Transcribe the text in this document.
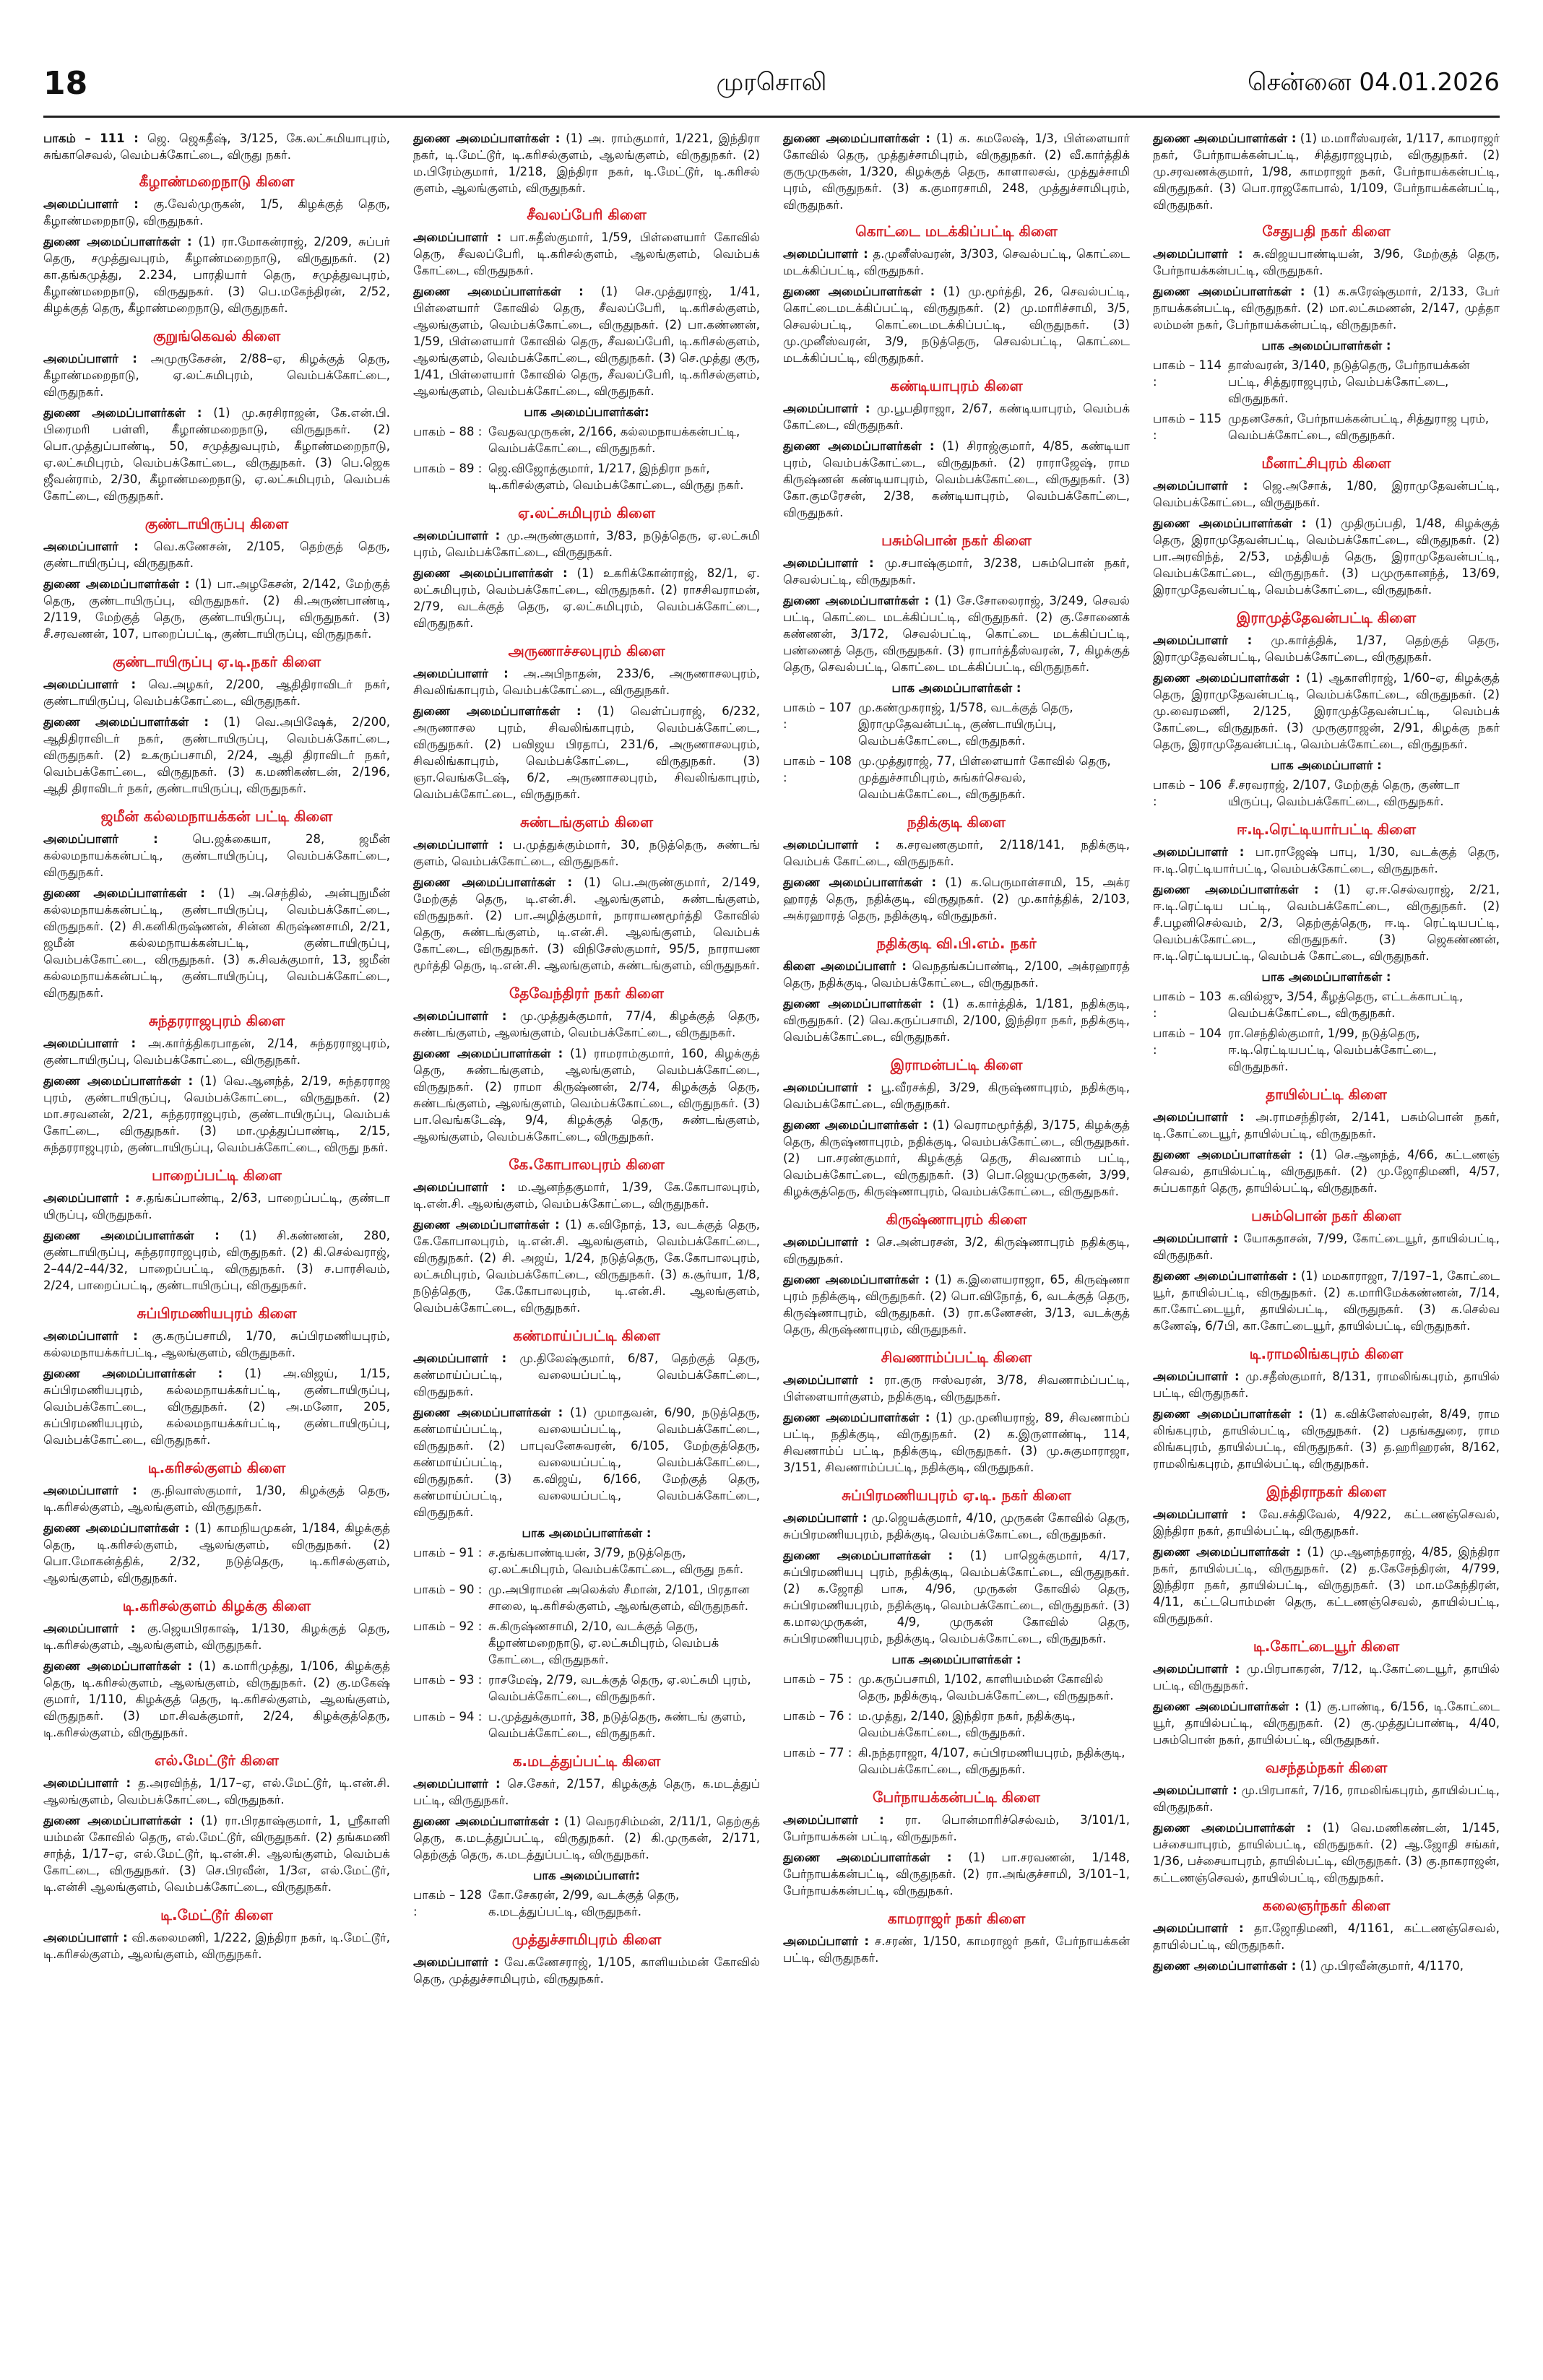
18	முரசொலி	சென்னை 04.01.2026

பாகம் – 111 : ஜெ. ஜெகதீஷ், 3/125, கே.லட்சுமியாபுரம், சுங்காசெவல், வெம்பக்கோட்டை, விருது நகர்.

கீழாண்மறைநாடு கிளை

அமைப்பாளர் : கு.வேல்முருகன், 1/5, கிழக்குத் தெரு, கீழாண்மறைநாடு, விருதுநகர்.

துணை அமைப்பாளர்கள் : (1) ரா.மோகன்ராஜ், 2/209, சுப்பர் தெரு, சமுத்துவபுரம், கீழாண்மறைநாடு, விருதுநகர். (2) கா.தங்கமுத்து, 2.234, பாரதியார் தெரு, சமுத்துவபுரம், கீழாண்மறைநாடு, விருதுநகர். (3) பெ.மகேந்திரன், 2/52, கிழக்குத் தெரு, கீழாண்மறைநாடு, விருதுநகர்.

குறுங்கெவல் கிளை

அமைப்பாளர் : அமுருகேசன், 2/88–ஏ, கிழக்குத் தெரு, கீழாண்மறைநாடு, ஏ.லட்சுமிபுரம், வெம்பக்கோட்டை, விருதுநகர்.

துணை அமைப்பாளர்கள் : (1) மு.சுரசிராஜன், கே.என்.பி. பிரைமரி பள்ளி, கீழாண்மறைநாடு, விருதுநகர். (2) பொ.முத்துப்பாண்டி, 50, சமுத்துவபுரம், கீழாண்மறைநாடு, ஏ.லட்சுமிபுரம், வெம்பக்கோட்டை, விருதுநகர். (3) பெ.ஜெக ஜீவன்ராம், 2/30, கீழாண்மறைநாடு, ஏ.லட்சுமிபுரம், வெம்பக் கோட்டை, விருதுநகர்.

குண்டாயிருப்பு கிளை

அமைப்பாளர் : வெ.கணேசன், 2/105, தெற்குத் தெரு, குண்டாயிருப்பு, விருதுநகர்.

துணை அமைப்பாளர்கள் : (1) பா.அழகேசன், 2/142, மேற்குத் தெரு, குண்டாயிருப்பு, விருதுநகர். (2) கி.அருண்பாண்டி, 2/119, மேற்குத் தெரு, குண்டாயிருப்பு, விருதுநகர். (3) சீ.சரவணன், 107, பாறைப்பட்டி, குண்டாயிருப்பு, விருதுநகர்.

குண்டாயிருப்பு ஏ.டி.நகர் கிளை

அமைப்பாளர் : வெ.அழகர், 2/200, ஆதிதிராவிடர் நகர், குண்டாயிருப்பு, வெம்பக்கோட்டை, விருதுநகர்.

துணை அமைப்பாளர்கள் : (1) வெ.அபிஷேக், 2/200, ஆதிதிராவிடர் நகர், குண்டாயிருப்பு, வெம்பக்கோட்டை, விருதுநகர். (2) உகருப்பசாமி, 2/24, ஆதி திராவிடர் நகர், வெம்பக்கோட்டை, விருதுநகர். (3) க.மணிகண்டன், 2/196, ஆதி திராவிடர் நகர், குண்டாயிருப்பு, விருதுநகர்.

ஜமீன் கல்லமநாயக்கன் பட்டி கிளை

அமைப்பாளர் :	பெ.ஜக்கையா, 28, ஜமீன் கல்லமநாயக்கன்பட்டி, குண்டாயிருப்பு, வெம்பக்கோட்டை, விருதுநகர்.

துணை அமைப்பாளர்கள் : (1) அ.செந்தில், அன்புநுமீன் கல்லமநாயக்கன்பட்டி, குண்டாயிருப்பு, வெம்பக்கோட்டை, விருதுநகர். (2) சி.கனிகிருஷ்ணன், சின்ன கிருஷ்ணசாமி, 2/21, ஜமீன் கல்லமநாயக்கன்பட்டி, குண்டாயிருப்பு, வெம்பக்கோட்டை, விருதுநகர். (3) க.சிவக்குமார், 13, ஜமீன் கல்லமநாயக்கன்பட்டி, குண்டாயிருப்பு, வெம்பக்கோட்டை, விருதுநகர்.

சுந்தரராஜபுரம் கிளை

அமைப்பாளர் : அ.கார்த்திகரபாதன், 2/14, சுந்தரராஜபுரம், குண்டாயிருப்பு, வெம்பக்கோட்டை, விருதுநகர்.

துணை அமைப்பாளர்கள் : (1) வெ.ஆனந்த், 2/19, சுந்தரராஜ புரம், குண்டாயிருப்பு, வெம்பக்கோட்டை, விருதுநகர். (2) மா.சரவனன், 2/21, சுந்தரராஜபுரம், குண்டாயிருப்பு, வெம்பக் கோட்டை, விருதுநகர். (3) மா.முத்துப்பாண்டி, 2/15, சுந்தரராஜபுரம், குண்டாயிருப்பு, வெம்பக்கோட்டை, விருது நகர்.

பாறைப்பட்டி கிளை

அமைப்பாளர் : ச.தங்கப்பாண்டி, 2/63, பாறைப்பட்டி, குண்டா யிருப்பு, விருதுநகர்.

துணை அமைப்பாளர்கள் : (1) சி.கண்ணன், 280, குண்டாயிருப்பு, சுந்தராராஜபுரம், விருதுநகர். (2) கி.செல்வராஜ், 2–44/2–44/32, பாறைப்பட்டி, விருதுநகர். (3) ச.பாரசிவம், 2/24, பாறைப்பட்டி, குண்டாயிருப்பு, விருதுநகர்.

சுப்பிரமணியபுரம் கிளை

அமைப்பாளர் : கு.கருப்பசாமி, 1/70, சுப்பிரமணியபுரம், கல்லமநாயக்கர்பட்டி, ஆலங்குளம், விருதுநகர்.

துணை அமைப்பாளர்கள் : (1) அ.விஜய், 1/15, சுப்பிரமணியபுரம், கல்லமநாயக்கர்பட்டி, குண்டாயிருப்பு, வெம்பக்கோட்டை, விருதுநகர். (2) அ.மனோ, 205, சுப்பிரமணியபுரம், கல்லமநாயக்கர்பட்டி, குண்டாயிருப்பு, வெம்பக்கோட்டை, விருதுநகர்.

டி.கரிசல்குளம் கிளை

அமைப்பாளர் : கு.நிவாஸ்குமார், 1/30, கிழக்குத் தெரு, டி.கரிசல்குளம், ஆலங்குளம், விருதுநகர்.

துணை அமைப்பாளர்கள் : (1) காமநியமுகன், 1/184, கிழக்குத் தெரு, டி.கரிசல்குளம், ஆலங்குளம், விருதுநகர். (2) பொ.மோகன்த்திக், 2/32, நடுத்தெரு, டி.கரிசல்குளம், ஆலங்குளம், விருதுநகர்.

டி.கரிசல்குளம் கிழக்கு கிளை

அமைப்பாளர் : கு.ஜெயபிரகாஷ், 1/130, கிழக்குத் தெரு, டி.கரிசல்குளம், ஆலங்குளம், விருதுநகர்.

துணை அமைப்பாளர்கள் : (1) க.மாரிமுத்து, 1/106, கிழக்குத் தெரு, டி.கரிசல்குளம், ஆலங்குளம், விருதுநகர். (2) கு.மகேஷ் குமார், 1/110, கிழக்குத் தெரு, டி.கரிசல்குளம், ஆலங்குளம், விருதுநகர். (3) மா.சிவக்குமார், 2/24, கிழக்குத்தெரு, டி.கரிசல்குளம், விருதுநகர்.

எல்.மேட்டூர் கிளை

அமைப்பாளர் : த.அரவிந்த், 1/17–ஏ, எல்.மேட்டூர், டி.என்.சி. ஆலங்குளம், வெம்பக்கோட்டை, விருதுநகர்.

துணை அமைப்பாளர்கள் : (1) ரா.பிரதாஷ்குமார், 1, ஸ்ரீகாளி யம்மன் கோவில் தெரு, எல்.மேட்டூர், விருதுநகர். (2) தங்கமணி சாந்த், 1/17–ஏ, எல்.மேட்டூர், டி.என்.சி. ஆலங்குளம், வெம்பக் கோட்டை, விருதுநகர். (3) செ.பிரவீன், 1/3எ, எல்.மேட்டூர், டி.என்சி ஆலங்குளம், வெம்பக்கோட்டை, விருதுநகர்.

டி.மேட்டூர் கிளை

அமைப்பாளர் : வி.கலைமணி, 1/222, இந்திரா நகர், டி.மேட்டூர், டி.கரிசல்குளம், ஆலங்குளம், விருதுநகர்.

துணை அமைப்பாளர்கள் : (1) அ. ராம்குமார், 1/221, இந்திரா நகர், டி.மேட்டூர், டி.கரிசல்குளம், ஆலங்குளம், விருதுநகர். (2) ம.பிரேம்குமார், 1/218, இந்திரா நகர், டி.மேட்டூர், டி.கரிசல் குளம், ஆலங்குளம், விருதுநகர்.

சீவலப்பேரி கிளை

அமைப்பாளர் : பா.சுதீஸ்குமார், 1/59, பிள்ளையார் கோவில் தெரு, சீவலப்பேரி, டி.கரிசல்குளம், ஆலங்குளம், வெம்பக் கோட்டை, விருதுநகர்.

துணை அமைப்பாளர்கள் : (1) செ.முத்துராஜ், 1/41, பிள்ளையார் கோவில் தெரு, சீவலப்பேரி, டி.கரிசல்குளம், ஆலங்குளம், வெம்பக்கோட்டை, விருதுநகர். (2) பா.கண்ணன், 1/59, பிள்ளையார் கோவில் தெரு, சீவலப்பேரி, டி.கரிசல்குளம், ஆலங்குளம், வெம்பக்கோட்டை, விருதுநகர். (3) செ.முத்து குரு, 1/41, பிள்ளையார் கோவில் தெரு, சீவலப்பேரி, டி.கரிசல்குளம், ஆலங்குளம், வெம்பக்கோட்டை, விருதுநகர்.

பாக அமைப்பாளர்கள்:
பாகம் – 88 : வேதவமுருகன், 2/166, கல்லமநாயக்கன்பட்டி, வெம்பக்கோட்டை, விருதுநகர்.
பாகம் – 89 : ஜெ.விஜோத்குமார், 1/217, இந்திரா நகர், டி.கரிசல்குளம், வெம்பக்கோட்டை, விருது நகர்.
ஏ.லட்சுமிபுரம் கிளை

அமைப்பாளர் : மு.அருண்குமார், 3/83, நடுத்தெரு, ஏ.லட்சுமி புரம், வெம்பக்கோட்டை, விருதுநகர்.

துணை அமைப்பாளர்கள் : (1) உகரிக்கோன்ராஜ், 82/1, ஏ. லட்சுமிபுரம், வெம்பக்கோட்டை, விருதுநகர். (2) ராசசிவராமன், 2/79, வடக்குத் தெரு, ஏ.லட்சுமிபுரம், வெம்பக்கோட்டை, விருதுநகர்.

அருணாச்சலபுரம் கிளை

அமைப்பாளர் : அ.அபிநாதன், 233/6, அருணாசலபுரம், சிவலிங்காபுரம், வெம்பக்கோட்டை, விருதுநகர்.

துணை அமைப்பாளர்கள் : (1) வெள்ப்பராஜ், 6/232, அருணாசல புரம், சிவலிங்காபுரம், வெம்பக்கோட்டை, விருதுநகர். (2) பவிஜய பிரதாப், 231/6, அருணாசலபுரம், சிவலிங்காபுரம், வெம்பக்கோட்டை, விருதுநகர். (3) ஞா.வெங்கடேஷ், 6/2, அருணாசலபுரம், சிவலிங்காபுரம், வெம்பக்கோட்டை, விருதுநகர்.

சுண்டங்குளம் கிளை

அமைப்பாளர் : ப.முத்துக்கும்மார், 30, நடுத்தெரு, சுண்டங் குளம், வெம்பக்கோட்டை, விருதுநகர்.

துணை அமைப்பாளர்கள் : (1) பெ.அருண்குமார், 2/149, மேற்குத் தெரு, டி.என்.சி. ஆலங்குளம், சுண்டங்குளம், விருதுநகர். (2) பா.அழித்குமார், நாராயணமூர்த்தி கோவில் தெரு, சுண்டங்குளம், டி.என்.சி. ஆலங்குளம், வெம்பக் கோட்டை, விருதுநகர். (3) விநிசேஸ்குமார், 95/5, நாராயண மூர்த்தி தெரு, டி.என்.சி. ஆலங்குளம், சுண்டங்குளம், விருதுநகர்.

தேவேந்திரர் நகர் கிளை

அமைப்பாளர் : மு.முத்துக்குமார், 77/4, கிழக்குத் தெரு, சுண்டங்குளம், ஆலங்குளம், வெம்பக்கோட்டை, விருதுநகர்.

துணை அமைப்பாளர்கள் : (1) ராமராம்குமார், 160, கிழக்குத் தெரு, சுண்டங்குளம், ஆலங்குளம், வெம்பக்கோட்டை, விருதுநகர். (2) ராமா கிருஷ்ணன், 2/74, கிழக்குத் தெரு, சுண்டங்குளம், ஆலங்குளம், வெம்பக்கோட்டை, விருதுநகர். (3) பா.வெங்கடேஷ், 9/4, கிழக்குத் தெரு, சுண்டங்குளம், ஆலங்குளம், வெம்பக்கோட்டை, விருதுநகர்.

கே.கோபாலபுரம் கிளை

அமைப்பாளர் : ம.ஆனந்தகுமார், 1/39, கே.கோபாலபுரம், டி.என்.சி. ஆலங்குளம், வெம்பக்கோட்டை, விருதுநகர்.

துணை அமைப்பாளர்கள் : (1) க.விநோத், 13, வடக்குத் தெரு, கே.கோபாலபுரம், டி.என்.சி. ஆலங்குளம், வெம்பக்கோட்டை, விருதுநகர். (2) சி. அஜய், 1/24, நடுத்தெரு, கே.கோபாலபுரம், லட்சுமிபுரம், வெம்பக்கோட்டை, விருதுநகர். (3) க.சூர்யா, 1/8, நடுத்தெரு, கே.கோபாலபுரம், டி.என்.சி. ஆலங்குளம், வெம்பக்கோட்டை, விருதுநகர்.

கண்மாய்ப்பட்டி கிளை

அமைப்பாளர் : மு.திலேஷ்குமார், 6/87, தெற்குத் தெரு, கண்மாய்ப்பட்டி, வலையப்பட்டி, வெம்பக்கோட்டை, விருதுநகர்.

துணை அமைப்பாளர்கள் : (1) முமாதவன், 6/90, நடுத்தெரு, கண்மாய்ப்பட்டி, வலையப்பட்டி, வெம்பக்கோட்டை, விருதுநகர். (2) பாபுவனேசுவரன், 6/105, மேற்குத்தெரு, கண்மாய்ப்பட்டி, வலையப்பட்டி, வெம்பக்கோட்டை, விருதுநகர். (3) க.விஜய், 6/166, மேற்குத் தெரு, கண்மாய்ப்பட்டி, வலையப்பட்டி, வெம்பக்கோட்டை, விருதுநகர்.

பாக அமைப்பாளர்கள் :
பாகம் – 91 : ச.தங்கபாண்டியன், 3/79, நடுத்தெரு, ஏ.லட்சுமிபுரம், வெம்பக்கோட்டை, விருது நகர்.
பாகம் – 90 : மு.அபிராமன் அலெக்ஸ் சீமான், 2/101, பிரதான சாலை, டி.கரிசல்குளம், ஆலங்குளம், விருதுநகர்.
பாகம் – 92 : சு.கிருஷ்ணசாமி, 2/10, வடக்குத் தெரு, கீழாண்மறைநாடு, ஏ.லட்சுமிபுரம், வெம்பக் கோட்டை, விருதுநகர்.
பாகம் – 93 : ராசமேஷ், 2/79, வடக்குத் தெரு, ஏ.லட்சுமி புரம், வெம்பக்கோட்டை, விருதுநகர்.
பாகம் – 94 : ப.முத்துக்குமார், 38, நடுத்தெரு, சுண்டங் குளம், வெம்பக்கோட்டை, விருதுநகர்.
க.மடத்துப்பட்டி கிளை

அமைப்பாளர் : செ.சேகர், 2/157, கிழக்குத் தெரு, க.மடத்துப் பட்டி, விருதுநகர்.

துணை அமைப்பாளர்கள் : (1) வெநரசிம்மன், 2/11/1, தெற்குத் தெரு, க.மடத்துப்பட்டி, விருதுநகர். (2) கி.முருகன், 2/171, தெற்குத் தெரு, க.மடத்துப்பட்டி, விருதுநகர்.

பாக அமைப்பாளர்:
பாகம் – 128 :
கோ.சேகரன், 2/99, வடக்குத் தெரு, க.மடத்துப்பட்டி, விருதுநகர்.
முத்துச்சாமிபுரம் கிளை

அமைப்பாளர் : வே.கணேசராஜ், 1/105, காளியம்மன் கோவில் தெரு, முத்துச்சாமிபுரம், விருதுநகர்.

துணை அமைப்பாளர்கள் : (1) க. கமலேஷ், 1/3, பிள்ளையார் கோவில் தெரு, முத்துச்சாமிபுரம், விருதுநகர். (2) வீ.கார்த்திக் குருமுருகன், 1/320, கிழக்குத் தெரு, காளாலசவ், முத்துச்சாமி புரம், விருதுநகர். (3) க.குமாரசாமி, 248, முத்துச்சாமிபுரம், விருதுநகர்.

கொட்டை மடக்கிப்பட்டி கிளை

அமைப்பாளர் : த.முனீஸ்வரன், 3/303, செவல்பட்டி, கொட்டை மடக்கிப்பட்டி, விருதுநகர்.

துணை அமைப்பாளர்கள் : (1) மு.மூர்த்தி, 26, செவல்பட்டி, கொட்டைமடக்கிப்பட்டி, விருதுநகர். (2) மு.மாரிச்சாமி, 3/5, செவல்பட்டி, கொட்டைமடக்கிப்பட்டி, விருதுநகர். (3) மு.முனீஸ்வரன், 3/9, நடுத்தெரு, செவல்பட்டி, கொட்டை மடக்கிப்பட்டி, விருதுநகர்.

கண்டியாபுரம் கிளை

அமைப்பாளர் : மு.பூபதிராஜா, 2/67, கண்டியாபுரம், வெம்பக் கோட்டை, விருதுநகர்.

துணை அமைப்பாளர்கள் : (1) சிராஜ்குமார், 4/85, கண்டியா புரம், வெம்பக்கோட்டை, விருதுநகர். (2) ராராஜேஷ், ராம கிருஷ்ணன் கண்டியாபுரம், வெம்பக்கோட்டை, விருதுநகர். (3) கோ.குமரேசன், 2/38, கண்டியாபுரம், வெம்பக்கோட்டை, விருதுநகர்.

பசும்பொன் நகர் கிளை

அமைப்பாளர் : மு.சபாஷ்குமார், 3/238, பசும்பொன் நகர், செவல்பட்டி, விருதுநகர்.

துணை அமைப்பாளர்கள் : (1) சே.சோலைராஜ், 3/249, செவல் பட்டி, கொட்டை மடக்கிப்பட்டி, விருதுநகர். (2) கு.சோணைக் கண்ணன், 3/172, செவல்பட்டி, கொட்டை மடக்கிப்பட்டி, பண்ணைத் தெரு, விருதுநகர். (3) ராபார்த்தீஸ்வரன், 7, கிழக்குத் தெரு, செவல்பட்டி, கொட்டை மடக்கிப்பட்டி, விருதுநகர்.

பாக அமைப்பாளர்கள் :
பாகம் – 107 :
மு.கண்முகராஜ், 1/578, வடக்குத் தெரு, இராமுதேவன்பட்டி, குண்டாயிருப்பு, வெம்பக்கோட்டை, விருதுநகர்.
பாகம் – 108 :
மு.முத்துராஜ், 77, பிள்ளையார் கோவில் தெரு, முத்துச்சாமிபுரம், சுங்கர்செவல், வெம்பக்கோட்டை, விருதுநகர்.
நதிக்குடி கிளை

அமைப்பாளர் : க.சரவணகுமார், 2/118/141, நதிக்குடி, வெம்பக் கோட்டை, விருதுநகர்.

துணை அமைப்பாளர்கள் : (1) க.பெருமாள்சாமி, 15, அக்ர ஹாரத் தெரு, நதிக்குடி, விருதுநகர். (2) மு.கார்த்திக், 2/103, அக்ரஹாரத் தெரு, நதிக்குடி, விருதுநகர்.

நதிக்குடி வி.பி.எம். நகர்

கிளை அமைப்பாளர் : வெநதங்கப்பாண்டி, 2/100, அக்ரஹாரத் தெரு, நதிக்குடி, வெம்பக்கோட்டை, விருதுநகர்.

துணை அமைப்பாளர்கள் : (1) க.கார்த்திக், 1/181, நதிக்குடி, விருதுநகர். (2) வெ.கருப்பசாமி, 2/100, இந்திரா நகர், நதிக்குடி, வெம்பக்கோட்டை, விருதுநகர்.

இராமன்பட்டி கிளை

அமைப்பாளர் : பூ.வீரசக்தி, 3/29, கிருஷ்ணாபுரம், நதிக்குடி, வெம்பக்கோட்டை, விருதுநகர்.

துணை அமைப்பாளர்கள் : (1) வெராமமூர்த்தி, 3/175, கிழக்குத் தெரு, கிருஷ்ணாபுரம், நதிக்குடி, வெம்பக்கோட்டை, விருதுநகர். (2) பா.சரண்குமார், கிழக்குத் தெரு, சிவணாம் பட்டி, வெம்பக்கோட்டை, விருதுநகர். (3) பொ.ஜெயமுருகன், 3/99, கிழக்குத்தெரு, கிருஷ்ணாபுரம், வெம்பக்கோட்டை, விருதுநகர்.

கிருஷ்ணாபுரம் கிளை

அமைப்பாளர் : செ.அன்பரசன், 3/2, கிருஷ்ணாபுரம் நதிக்குடி, விருதுநகர்.

துணை அமைப்பாளர்கள் : (1) க.இளையராஜா, 65, கிருஷ்ணா புரம் நதிக்குடி, விருதுநகர். (2) பொ.விநோத், 6, வடக்குத் தெரு, கிருஷ்ணாபுரம், விருதுநகர். (3) ரா.கணேசன், 3/13, வடக்குத் தெரு, கிருஷ்ணாபுரம், விருதுநகர்.

சிவணாம்ப்பட்டி கிளை

அமைப்பாளர் : ரா.குரு ஈஸ்வரன், 3/78, சிவணாம்ப்பட்டி, பிள்ளையார்குளம், நதிக்குடி, விருதுநகர்.

துணை அமைப்பாளர்கள் : (1) மு.முனியராஜ், 89, சிவணாம்ப் பட்டி, நதிக்குடி, விருதுநகர். (2) க.இருளாண்டி, 114, சிவணாம்ப் பட்டி, நதிக்குடி, விருதுநகர். (3) மு.சுகுமாராஜா, 3/151, சிவணாம்ப்பட்டி, நதிக்குடி, விருதுநகர்.

சுப்பிரமணியபுரம் ஏ.டி. நகர் கிளை

அமைப்பாளர் : மு.ஜெயக்குமார், 4/10, முருகன் கோவில் தெரு, சுப்பிரமணியபுரம், நதிக்குடி, வெம்பக்கோட்டை, விருதுநகர்.

துணை அமைப்பாளர்கள் : (1) பாஜெக்குமார், 4/17, சுப்பிரமணியபு புரம், நதிக்குடி, வெம்பக்கோட்டை, விருதுநகர். (2) க.ஜோதி பாசு, 4/96, முருகன் கோவில் தெரு, சுப்பிரமணியபுரம், நதிக்குடி, வெம்பக்கோட்டை, விருதுநகர். (3) க.மாலமுருகன், 4/9, முருகன் கோவில் தெரு, சுப்பிரமணியபுரம், நதிக்குடி, வெம்பக்கோட்டை, விருதுநகர்.

பாக அமைப்பாளர்கள் :
பாகம் – 75 : மு.கருப்பசாமி, 1/102, காளியம்மன் கோவில் தெரு, நதிக்குடி, வெம்பக்கோட்டை, விருதுநகர்.
பாகம் – 76 : ம.முத்து, 2/140, இந்திரா நகர், நதிக்குடி, வெம்பக்கோட்டை, விருதுநகர்.
பாகம் – 77 : கி.நந்தராஜா, 4/107, சுப்பிரமணியபுரம், நதிக்குடி, வெம்பக்கோட்டை, விருதுநகர்.
பேர்நாயக்கன்பட்டி கிளை

அமைப்பாளர் : ரா. பொன்மாரிச்செல்வம், 3/101/1, பேர்நாயக்கன் பட்டி, விருதுநகர்.

துணை அமைப்பாளர்கள் : (1) பா.சரவணன், 1/148, பேர்நாயக்கன்பட்டி, விருதுநகர். (2) ரா.அங்குச்சாமி, 3/101–1, பேர்நாயக்கன்பட்டி, விருதுநகர்.

காமராஜர் நகர் கிளை

அமைப்பாளர் : ச.சரண், 1/150, காமராஜர் நகர், பேர்நாயக்கன் பட்டி, விருதுநகர்.

துணை அமைப்பாளர்கள் : (1) ம.மாரீஸ்வரன், 1/117, காமராஜர் நகர், பேர்நாயக்கன்பட்டி, சித்துராஜபுரம், விருதுநகர். (2) மு.சரவணக்குமார், 1/98, காமராஜர் நகர், பேர்நாயக்கன்பட்டி, விருதுநகர். (3) பொ.ராஜகோபால், 1/109, பேர்நாயக்கன்பட்டி, விருதுநகர்.

சேதுபதி நகர் கிளை

அமைப்பாளர் : சு.விஜயபாண்டியன், 3/96, மேற்குத் தெரு, பேர்நாயக்கன்பட்டி, விருதுநகர்.

துணை அமைப்பாளர்கள் : (1) க.சுரேஷ்குமார், 2/133, பேர் நாயக்கன்பட்டி, விருதுநகர். (2) மா.லட்சுமணன், 2/147, முத்தா லம்மன் நகர், பேர்நாயக்கன்பட்டி, விருதுநகர்.

பாக அமைப்பாளர்கள் :
பாகம் – 114 :
தாஸ்வரன், 3/140, நடுத்தெரு, பேர்நாயக்கன் பட்டி, சித்துராஜபுரம், வெம்பக்கோட்டை, விருதுநகர்.
பாகம் – 115 :
முதனசேகர், பேர்நாயக்கன்பட்டி, சித்துராஜ புரம், வெம்பக்கோட்டை, விருதுநகர்.
மீனாட்சிபுரம் கிளை

அமைப்பாளர் : ஜெ.அசோக், 1/80, இராமுதேவன்பட்டி, வெம்பக்கோட்டை, விருதுநகர்.

துணை அமைப்பாளர்கள் : (1) முதிருப்பதி, 1/48, கிழக்குத் தெரு, இராமுதேவன்பட்டி, வெம்பக்கோட்டை, விருதுநகர். (2) பா.அரவிந்த், 2/53, மத்தியத் தெரு, இராமுதேவன்பட்டி, வெம்பக்கோட்டை, விருதுநகர். (3) பமுருகானந்த், 13/69, இராமுதேவன்பட்டி, வெம்பக்கோட்டை, விருதுநகர்.

இராமுத்தேவன்பட்டி கிளை

அமைப்பாளர் : மு.கார்த்திக், 1/37, தெற்குத் தெரு, இராமுதேவன்பட்டி, வெம்பக்கோட்டை, விருதுநகர்.

துணை அமைப்பாளர்கள் : (1) ஆகாளிராஜ், 1/60–ஏ, கிழக்குத் தெரு, இராமுதேவன்பட்டி, வெம்பக்கோட்டை, விருதுநகர். (2) மு.வைரமணி, 2/125, இராமுத்தேவன்பட்டி, வெம்பக் கோட்டை, விருதுநகர். (3) முருகுராஜன், 2/91, கிழக்கு நகர் தெரு, இராமுதேவன்பட்டி, வெம்பக்கோட்டை, விருதுநகர்.

பாக அமைப்பாளர் :
பாகம் – 106 :
சீ.சரவராஜ், 2/107, மேற்குத் தெரு, குண்டா யிருப்பு, வெம்பக்கோட்டை, விருதுநகர்.
ஈ.டி.ரெட்டியார்பட்டி கிளை

அமைப்பாளர் : பா.ராஜேஷ் பாபு, 1/30, வடக்குத் தெரு, ஈ.டி.ரெட்டியார்பட்டி, வெம்பக்கோட்டை, விருதுநகர்.

துணை அமைப்பாளர்கள் : (1) ஏ.ஈ.செல்வராஜ், 2/21, ஈ.டி.ரெட்டிய பட்டி, வெம்பக்கோட்டை, விருதுநகர். (2) சீ.பழனிசெல்வம், 2/3, தெற்குத்தெரு, ஈ.டி. ரெட்டியபட்டி, வெம்பக்கோட்டை, விருதுநகர். (3) ஜெகண்ணன், ஈ.டி.ரெட்டியபட்டி, வெம்பக் கோட்டை, விருதுநகர்.

பாக அமைப்பாளர்கள் :
பாகம் – 103 :
க.வில்ஜு, 3/54, கீழத்தெரு, எட்டக்காபட்டி, வெம்பக்கோட்டை, விருதுநகர்.
பாகம் – 104 :
ரா.செந்தில்குமார், 1/99, நடுத்தெரு, ஈ.டி.ரெட்டியபட்டி, வெம்பக்கோட்டை, விருதுநகர்.
தாயில்பட்டி கிளை

அமைப்பாளர் : அ.ராமசந்திரன், 2/141, பசும்பொன் நகர், டி.கோட்டையூர், தாயில்பட்டி, விருதுநகர்.

துணை அமைப்பாளர்கள் : (1) செ.ஆனந்த், 4/66, கட்டணஞ் செவல், தாயில்பட்டி, விருதுநகர். (2) மு.ஜோதிமணி, 4/57, சுப்பகாதர் தெரு, தாயில்பட்டி, விருதுநகர்.

பசும்பொன் நகர் கிளை

அமைப்பாளர் : யோகதாசன், 7/99, கோட்டையூர், தாயில்பட்டி, விருதுநகர்.

துணை அமைப்பாளர்கள் : (1) மமகாராஜா, 7/197–1, கோட்டை யூர், தாயில்பட்டி, விருதுநகர். (2) க.மாரிமேக்கண்ணன், 7/14, கா.கோட்டையூர், தாயில்பட்டி, விருதுநகர். (3) க.செல்வ கணேஷ், 6/7பி, கா.கோட்டையூர், தாயில்பட்டி, விருதுநகர்.

டி.ராமலிங்கபுரம் கிளை

அமைப்பாளர் : மு.சதீஸ்குமார், 8/131, ராமலிங்கபுரம், தாயில் பட்டி, விருதுநகர்.

துணை அமைப்பாளர்கள் : (1) க.விக்னேஸ்வரன், 8/49, ராம லிங்கபுரம், தாயில்பட்டி, விருதுநகர். (2) பதங்கதுரை, ராம லிங்கபுரம், தாயில்பட்டி, விருதுநகர். (3) த.ஹரிஹரன், 8/162, ராமலிங்கபுரம், தாயில்பட்டி, விருதுநகர்.

இந்திராநகர் கிளை

அமைப்பாளர் : வே.சக்திவேல், 4/922, கட்டணஞ்செவல், இந்திரா நகர், தாயில்பட்டி, விருதுநகர்.

துணை அமைப்பாளர்கள் : (1) மு.ஆனந்தராஜ், 4/85, இந்திரா நகர், தாயில்பட்டி, விருதுநகர். (2) த.கேசேந்திரன், 4/799, இந்திரா நகர், தாயில்பட்டி, விருதுநகர். (3) மா.மகேந்திரன், 4/11, கட்டபொம்மன் தெரு, கட்டணஞ்செவல், தாயில்பட்டி, விருதுநகர்.

டி.கோட்டையூர் கிளை

அமைப்பாளர் : மு.பிரபாகரன், 7/12, டி.கோட்டையூர், தாயில் பட்டி, விருதுநகர்.

துணை அமைப்பாளர்கள் : (1) கு.பாண்டி, 6/156, டி.கோட்டை யூர், தாயில்பட்டி, விருதுநகர். (2) கு.முத்துப்பாண்டி, 4/40, பசும்பொன் நகர், தாயில்பட்டி, விருதுநகர்.

வசந்தம்நகர் கிளை

அமைப்பாளர் : மு.பிரபாகர், 7/16, ராமலிங்கபுரம், தாயில்பட்டி, விருதுநகர்.

துணை அமைப்பாளர்கள் : (1) வெ.மணிகண்டன், 1/145, பச்சையாபுரம், தாயில்பட்டி, விருதுநகர். (2) ஆ.ஜோதி சங்கர், 1/36, பச்சையாபுரம், தாயில்பட்டி, விருதுநகர். (3) கு.நாகராஜன், கட்டணஞ்செவல், தாயில்பட்டி, விருதுநகர்.

கலைஞர்நகர் கிளை

அமைப்பாளர் : தா.ஜோதிமணி, 4/1161, கட்டணஞ்செவல், தாயில்பட்டி, விருதுநகர்.

துணை அமைப்பாளர்கள் : (1) மு.பிரவீன்குமார், 4/1170,
